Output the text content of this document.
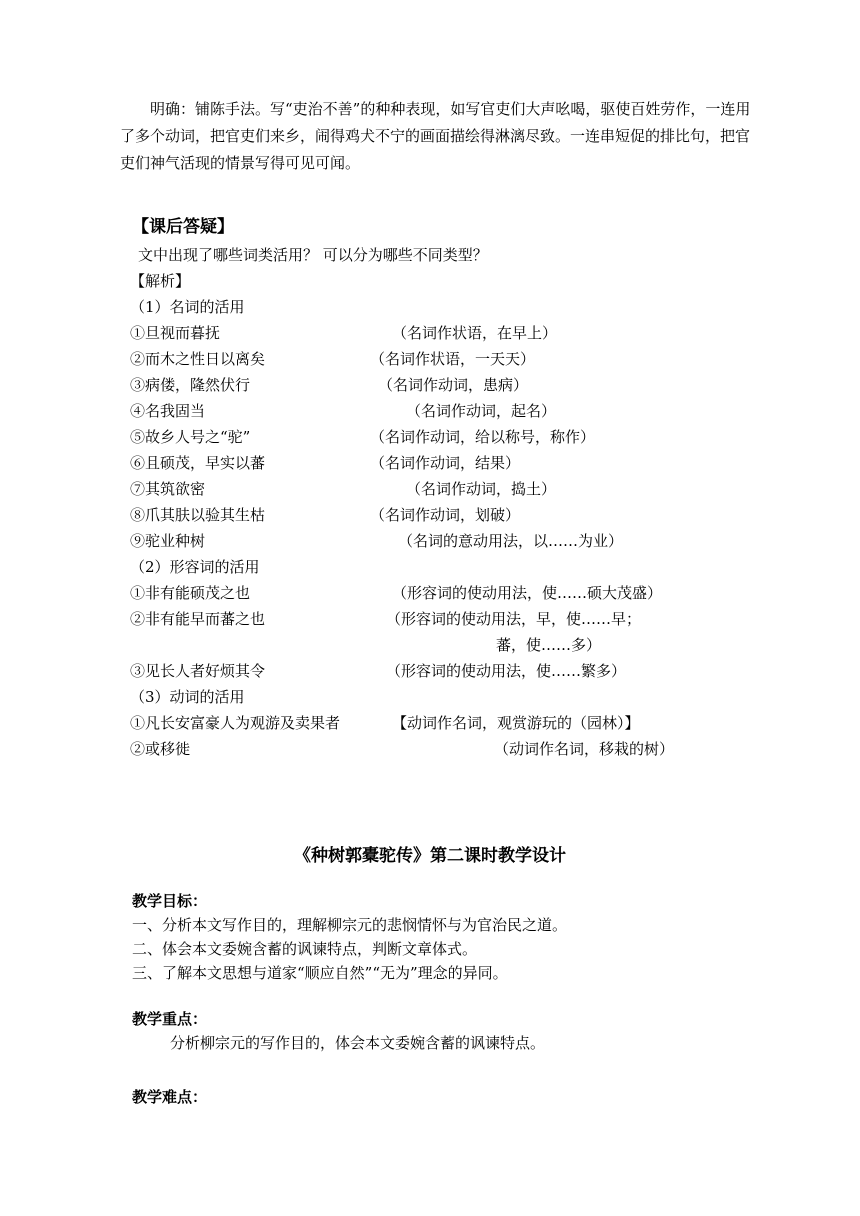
明确：铺陈手法。写“吏治不善”的种种表现，如写官吏们大声吆喝，驱使百姓劳作，一连用了多个动词，把官吏们来乡，闹得鸡犬不宁的画面描绘得淋漓尽致。一连串短促的排比句，把官吏们神气活现的情景写得可见可闻。
【课后答疑】
文中出现了哪些词类活用？ 可以分为哪些不同类型？
【解析】
（1）名词的活用
①旦视而暮抚	（名词作状语，在早上）
②而木之性日以离矣	（名词作状语，一天天）
③病偻，隆然伏行	（名词作动词，患病）
④名我固当	（名词作动词，起名）
⑤故乡人号之“驼”	（名词作动词，给以称号，称作）
⑥且硕茂，早实以蕃	（名词作动词，结果）
⑦其筑欲密	（名词作动词，捣土）
⑧爪其肤以验其生枯	（名词作动词，划破）
⑨驼业种树	（名词的意动用法，以……为业）
（2）形容词的活用
①非有能硕茂之也	（形容词的使动用法，使……硕大茂盛）
②非有能早而蕃之也	（形容词的使动用法，早，使……早；
蕃，使……多）
③见长人者好烦其令	（形容词的使动用法，使……繁多）
（3）动词的活用
①凡长安富豪人为观游及卖果者	【动词作名词，观赏游玩的（园林）】
②或移徙	（动词作名词，移栽的树）
《种树郭橐驼传》第二课时教学设计
教学目标：
一、分析本文写作目的，理解柳宗元的悲悯情怀与为官治民之道。
二、体会本文委婉含蓄的讽谏特点，判断文章体式。
三、了解本文思想与道家“顺应自然”“无为”理念的异同。
教学重点：
分析柳宗元的写作目的，体会本文委婉含蓄的讽谏特点。
教学难点：
